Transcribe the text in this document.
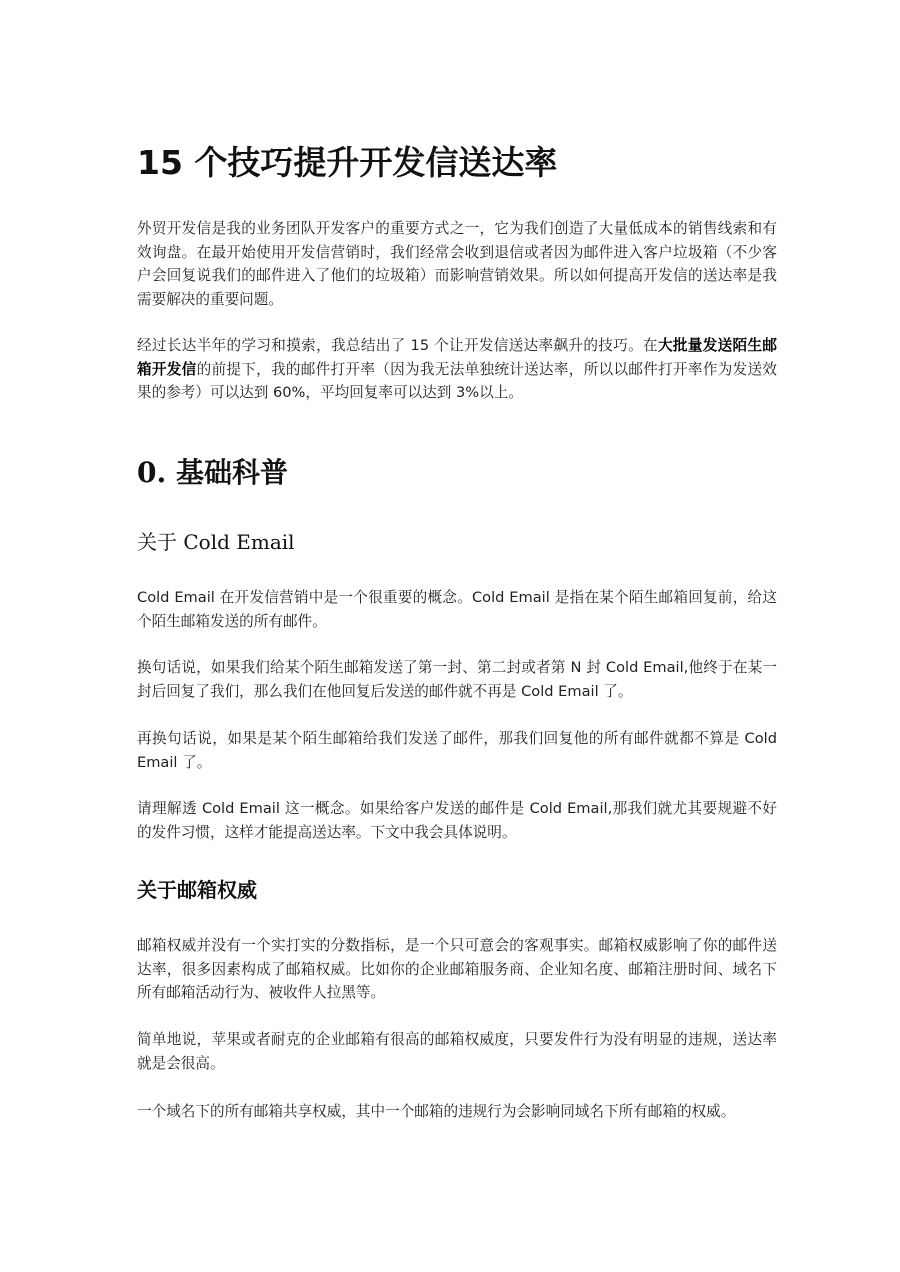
15 个技巧提升开发信送达率

外贸开发信是我的业务团队开发客户的重要方式之一，它为我们创造了大量低成本的销售线索和有效询盘。在最开始使用开发信营销时，我们经常会收到退信或者因为邮件进入客户垃圾箱（不少客户会回复说我们的邮件进入了他们的垃圾箱）而影响营销效果。所以如何提高开发信的送达率是我需要解决的重要问题。

经过长达半年的学习和摸索，我总结出了 15 个让开发信送达率飙升的技巧。在大批量发送陌生邮箱开发信的前提下，我的邮件打开率（因为我无法单独统计送达率，所以以邮件打开率作为发送效果的参考）可以达到 60%，平均回复率可以达到 3%以上。

0. 基础科普
关于 Cold Email

Cold Email 在开发信营销中是一个很重要的概念。Cold Email 是指在某个陌生邮箱回复前，给这个陌生邮箱发送的所有邮件。

换句话说，如果我们给某个陌生邮箱发送了第一封、第二封或者第 N 封 Cold Email,他终于在某一封后回复了我们，那么我们在他回复后发送的邮件就不再是 Cold Email 了。

再换句话说，如果是某个陌生邮箱给我们发送了邮件，那我们回复他的所有邮件就都不算是 Cold Email 了。

请理解透 Cold Email 这一概念。如果给客户发送的邮件是 Cold Email,那我们就尤其要规避不好的发件习惯，这样才能提高送达率。下文中我会具体说明。

关于邮箱权威

邮箱权威并没有一个实打实的分数指标，是一个只可意会的客观事实。邮箱权威影响了你的邮件送达率，很多因素构成了邮箱权威。比如你的企业邮箱服务商、企业知名度、邮箱注册时间、域名下所有邮箱活动行为、被收件人拉黑等。

简单地说，苹果或者耐克的企业邮箱有很高的邮箱权威度，只要发件行为没有明显的违规，送达率就是会很高。

一个域名下的所有邮箱共享权威，其中一个邮箱的违规行为会影响同域名下所有邮箱的权威。
